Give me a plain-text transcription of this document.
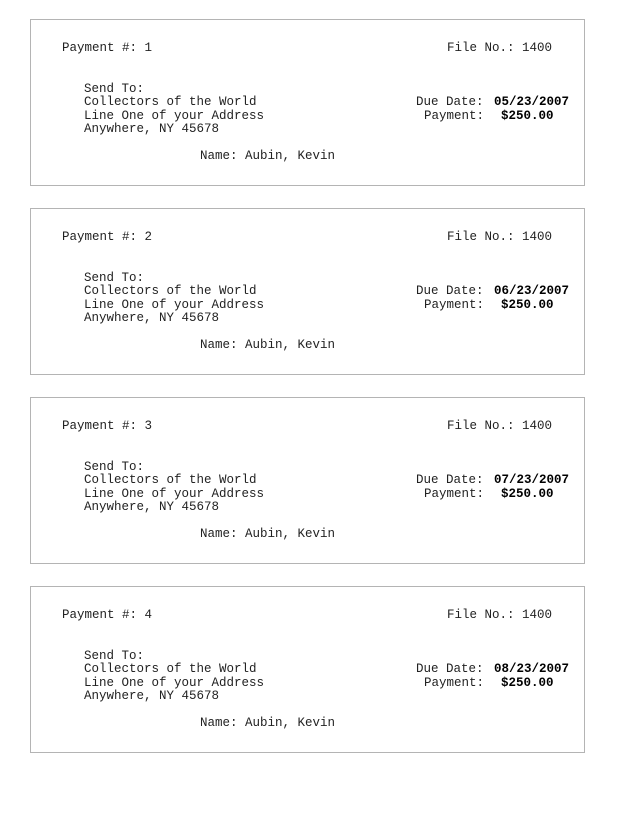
Payment #: 1	File No.: 1400
Send To:
Collectors of the World
Line One of your Address
Anywhere, NY 45678
Due Date: 05/23/2007
Payment: $250.00
Name: Aubin, Kevin
Payment #: 2	File No.: 1400
Send To:
Collectors of the World
Line One of your Address
Anywhere, NY 45678
Due Date: 06/23/2007
Payment: $250.00
Name: Aubin, Kevin
Payment #: 3	File No.: 1400
Send To:
Collectors of the World
Line One of your Address
Anywhere, NY 45678
Due Date: 07/23/2007
Payment: $250.00
Name: Aubin, Kevin
Payment #: 4	File No.: 1400
Send To:
Collectors of the World
Line One of your Address
Anywhere, NY 45678
Due Date: 08/23/2007
Payment: $250.00
Name: Aubin, Kevin
